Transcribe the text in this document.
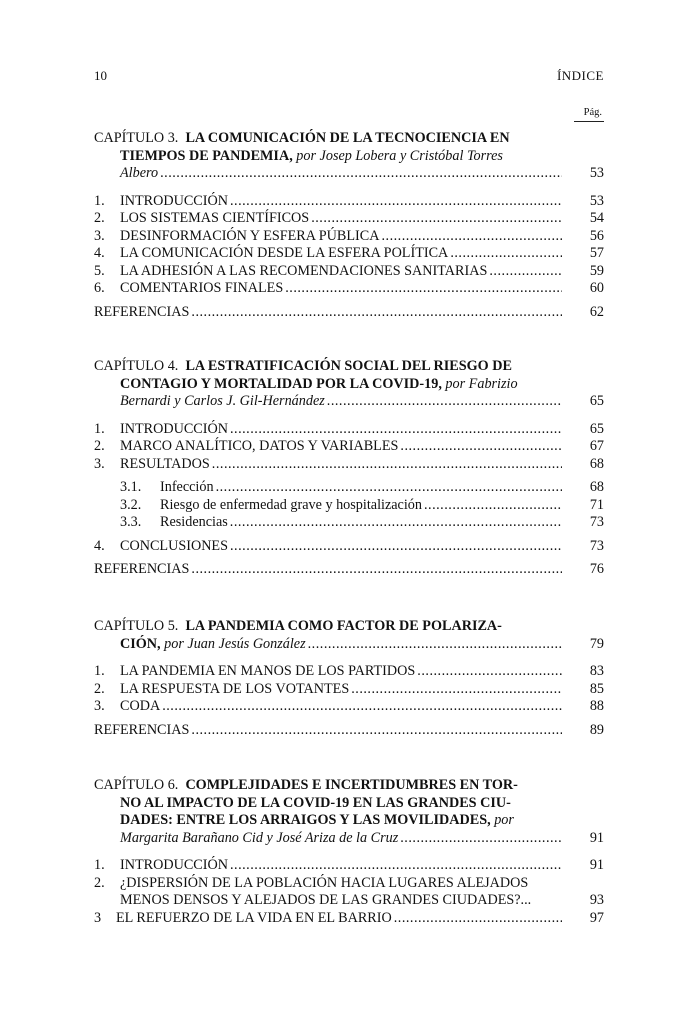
10	ÍNDICE
Pág.
CAPÍTULO 3. LA COMUNICACIÓN DE LA TECNOCIENCIA EN
TIEMPOS DE PANDEMIA, por Josep Lobera y Cristóbal Torres
Albero .....	53
1. INTRODUCCIÓN .....	53
2. LOS SISTEMAS CIENTÍFICOS .....	54
3. DESINFORMACIÓN Y ESFERA PÚBLICA .....	56
4. LA COMUNICACIÓN DESDE LA ESFERA POLÍTICA .....	57
5. LA ADHESIÓN A LAS RECOMENDACIONES SANITARIAS .....	59
6. COMENTARIOS FINALES .....	60
REFERENCIAS .....	62
CAPÍTULO 4. LA ESTRATIFICACIÓN SOCIAL DEL RIESGO DE
CONTAGIO Y MORTALIDAD POR LA COVID-19, por Fabrizio
Bernardi y Carlos J. Gil-Hernández .....	65
1. INTRODUCCIÓN .....	65
2. MARCO ANALÍTICO, DATOS Y VARIABLES .....	67
3. RESULTADOS .....	68
3.1. Infección .....	68
3.2. Riesgo de enfermedad grave y hospitalización .....	71
3.3. Residencias .....	73
4. CONCLUSIONES .....	73
REFERENCIAS .....	76
CAPÍTULO 5. LA PANDEMIA COMO FACTOR DE POLARIZA-
CIÓN, por Juan Jesús González .....	79
1. LA PANDEMIA EN MANOS DE LOS PARTIDOS .....	83
2. LA RESPUESTA DE LOS VOTANTES .....	85
3. CODA .....	88
REFERENCIAS .....	89
CAPÍTULO 6. COMPLEJIDADES E INCERTIDUMBRES EN TOR-
NO AL IMPACTO DE LA COVID-19 EN LAS GRANDES CIU-
DADES: ENTRE LOS ARRAIGOS Y LAS MOVILIDADES, por
Margarita Barañano Cid y José Ariza de la Cruz .....	91
1. INTRODUCCIÓN .....	91
2. ¿DISPERSIÓN DE LA POBLACIÓN HACIA LUGARES ALEJADOS
MENOS DENSOS Y ALEJADOS DE LAS GRANDES CIUDADES?...	93
3 EL REFUERZO DE LA VIDA EN EL BARRIO .....	97
